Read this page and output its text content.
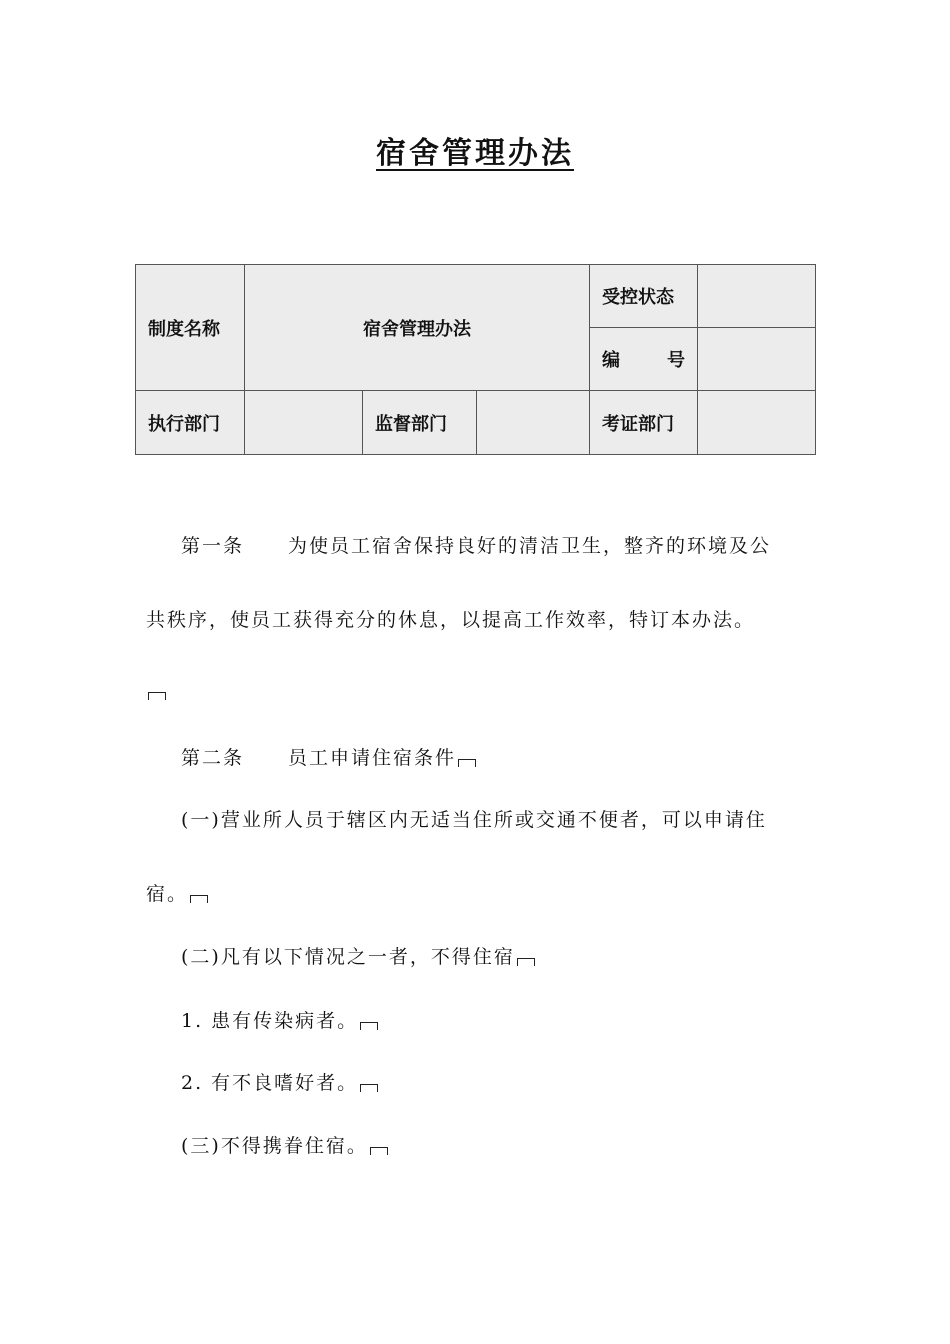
宿舍管理办法
制度名称	宿舍管理办法			受控状态	
				编　　号	
执行部门		监督部门		考证部门	
第一条 为使员工宿舍保持良好的清洁卫生，整齐的环境及公
共秩序，使员工获得充分的休息，以提高工作效率，特订本办法。
第二条 员工申请住宿条件
(一)营业所人员于辖区内无适当住所或交通不便者，可以申请住
宿。
(二)凡有以下情况之一者，不得住宿
1. 患有传染病者。
2. 有不良嗜好者。
(三)不得携眷住宿。
